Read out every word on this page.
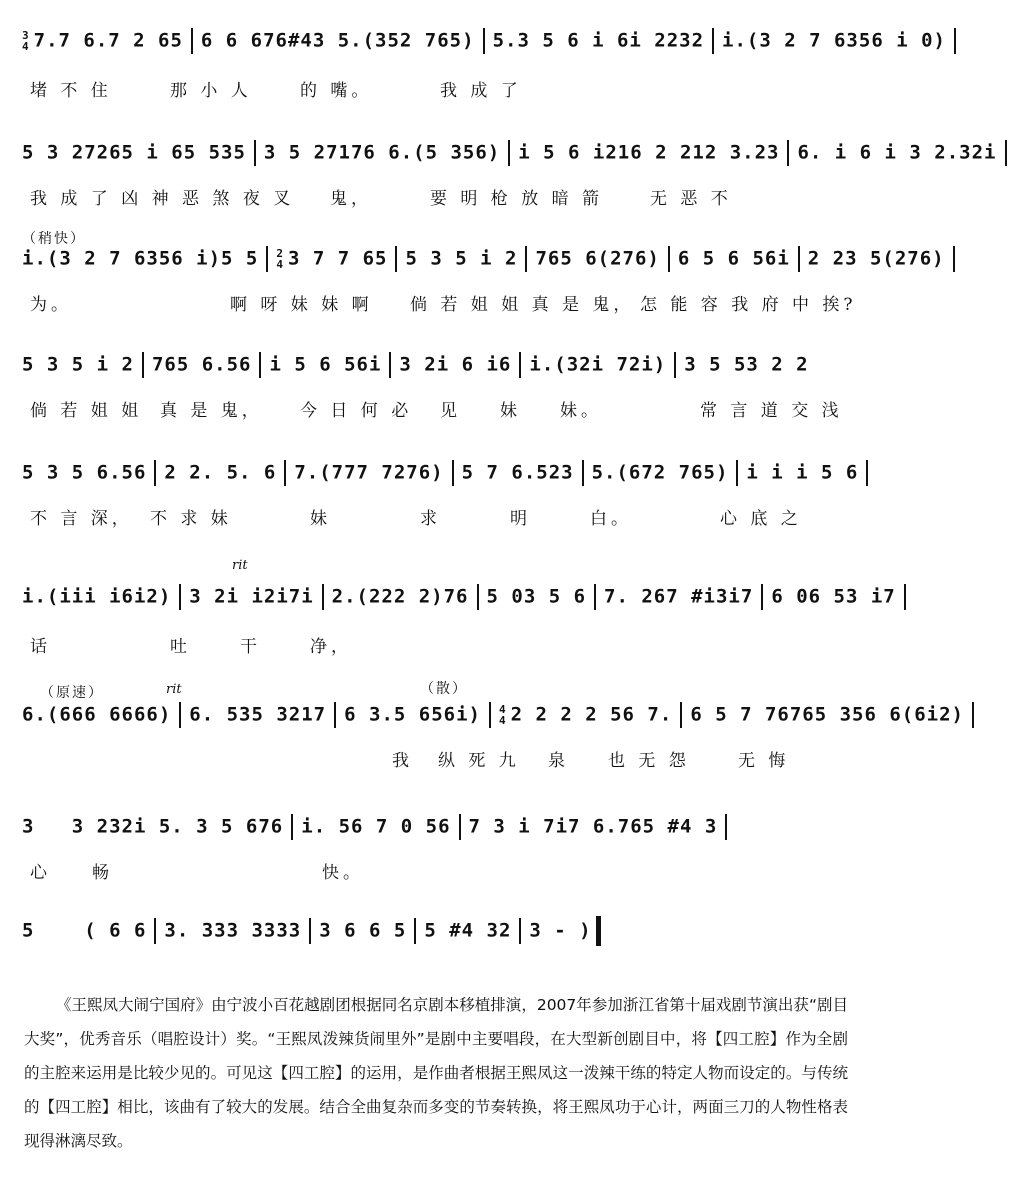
3
4 7.7 6.7 2 65 6 6 676#43 5.(352 765) 5.3 5 6 i 6i 2232 i.(3 2 7 6356 i 0)
堵 不 住	那 小 人	的 嘴。	我 成 了
5 3 27265 i 65 535 3 5 27176 6.(5 356) i 5 6 i216 2 212 3.23 6. i 6 i 3 2.32i
我 成 了 凶 神 恶 煞 夜 叉 鬼，	要 明 枪 放 暗 箭	无 恶 不
（稍快）
i.(3 2 7 6356 i)5 5 2
4 3 7 7 65 5 3 5 i 2 765 6(276) 6 5 6 56i 2 23 5(276)
为。	啊 呀 妹 妹 啊 倘 若 姐 姐 真 是 鬼， 怎 能 容 我 府 中 挨?
5 3 5 i 2 765 6.56 i 5 6 56i 3 2i 6 i6 i.(32i 72i) 3 5 53 2 2
倘 若 姐 姐 真 是 鬼， 今 日 何 必 见 妹 妹。	常 言 道 交 浅
5 3 5 6.56 2 2. 5. 6 7.(777 7276) 5 7 6.523 5.(672 765) i i i 5 6
不 言 深， 不 求 妹	妹	求	明	白。	心 底 之
rit
i.(iii i6i2) 3 2i i2i7i 2.(222 2)76 5 03 5 6 7. 267 #i3i7 6 06 53 i7
话	吐	干	净，
（原速）	rit	（散）
6.(666 6666) 6. 535 3217 6 3.5 656i) 4
4 2 2 2 2 56 7. 6 5 7 76765 356 6(6i2)
我 纵 死 九 泉 也 无 怨	无 悔
3 3 232i 5. 3 5 676 i. 56 7 0 56 7 3 i 7i7 6.765 #4 3
心 畅	快。
5	( 6 6 3. 333 3333 3 6 6 5 5 #4 32 3 - )

《王熙凤大闹宁国府》由宁波小百花越剧团根据同名京剧本移植排演，2007年参加浙江省第十届戏剧节演出获“剧目大奖”，优秀音乐（唱腔设计）奖。“王熙凤泼辣货闹里外”是剧中主要唱段，在大型新创剧目中，将【四工腔】作为全剧的主腔来运用是比较少见的。可见这【四工腔】的运用，是作曲者根据王熙凤这一泼辣干练的特定人物而设定的。与传统的【四工腔】相比，该曲有了较大的发展。结合全曲复杂而多变的节奏转换，将王熙凤功于心计，两面三刀的人物性格表现得淋漓尽致。
